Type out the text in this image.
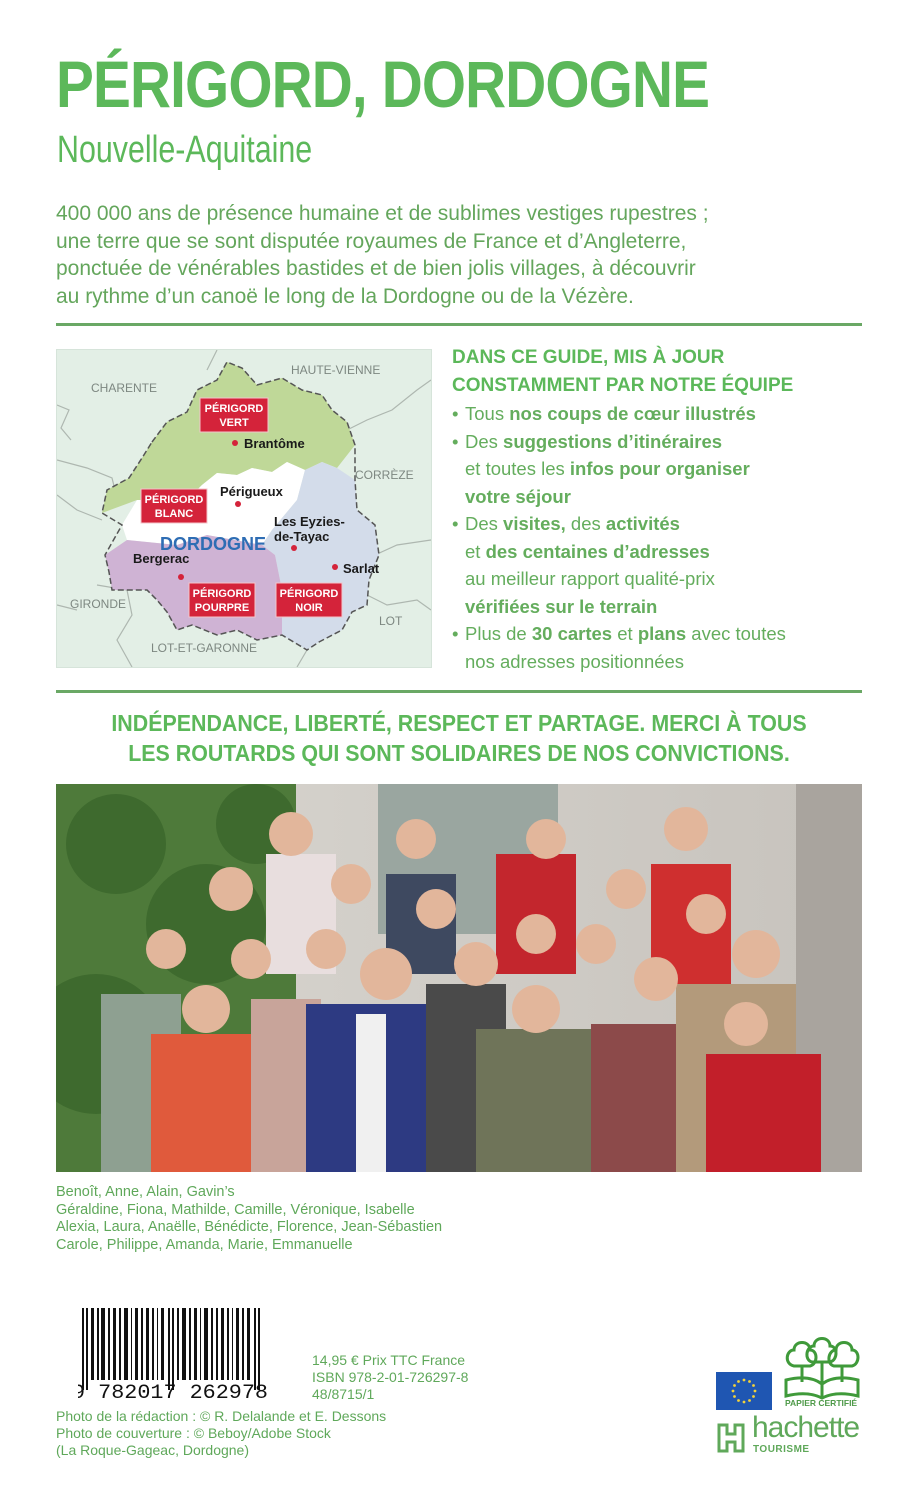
PÉRIGORD, DORDOGNE
Nouvelle-Aquitaine
400 000 ans de présence humaine et de sublimes vestiges rupestres ;
une terre que se sont disputée royaumes de France et d’Angleterre,
ponctuée de vénérables bastides et de bien jolis villages, à découvrir
au rythme d’un canoë le long de la Dordogne ou de la Vézère.
CHARENTE
HAUTE-VIENNE
CORRÈZE
GIRONDE
LOT
LOT-ET-GARONNE
DORDOGNE
PÉRIGORD
VERT
PÉRIGORD
BLANC
PÉRIGORD
POURPRE
PÉRIGORD
NOIR
Brantôme
Périgueux
Les Eyzies-
de-Tayac
Sarlat
Bergerac
DANS CE GUIDE, MIS À JOUR
CONSTAMMENT PAR NOTRE ÉQUIPE
• Tous nos coups de cœur illustrés
• Des suggestions d’itinéraires
et toutes les infos pour organiser
votre séjour
• Des visites, des activités
et des centaines d’adresses
au meilleur rapport qualité-prix
vérifiées sur le terrain
• Plus de 30 cartes et plans avec toutes
nos adresses positionnées
INDÉPENDANCE, LIBERTÉ, RESPECT ET PARTAGE. MERCI À TOUS
LES ROUTARDS QUI SONT SOLIDAIRES DE NOS CONVICTIONS.
Benoît, Anne, Alain, Gavin’s
Géraldine, Fiona, Mathilde, Camille, Véronique, Isabelle
Alexia, Laura, Anaëlle, Bénédicte, Florence, Jean-Sébastien
Carole, Philippe, Amanda, Marie, Emmanuelle
9 782017 262978
14,95 € Prix TTC France
ISBN 978-2-01-726297-8
48/8715/1
Photo de la rédaction : © R. Delalande et E. Dessons
Photo de couverture : © Beboy/Adobe Stock
(La Roque-Gageac, Dordogne)
PAPIER CERTIFIÉ
hachette
TOURISME
